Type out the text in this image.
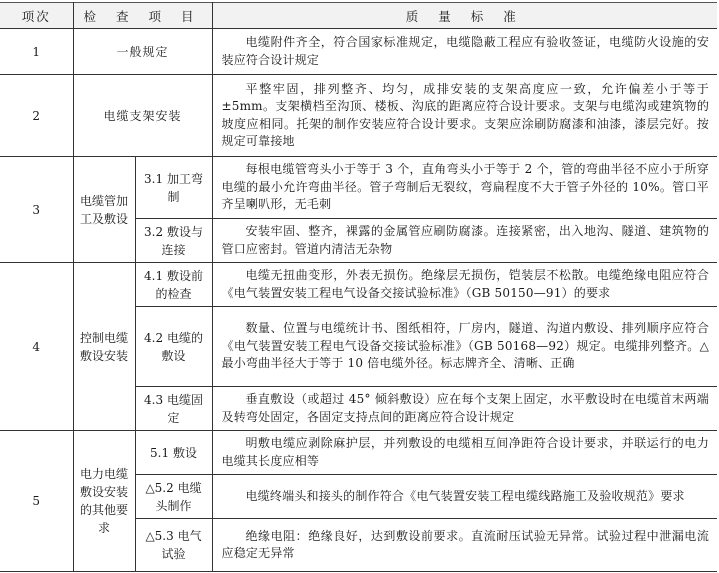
项次	检 查 项 目		质 量 标 准
1	一般规定		电缆附件齐全，符合国家标准规定，电缆隐蔽工程应有验收签证，电缆防火设施的安装应符合设计规定
2	电缆支架安装		平整牢固，排列整齐、均匀，成排安装的支架高度应一致，允许偏差小于等于±5mm。支架横档至沟顶、楼板、沟底的距离应符合设计要求。支架与电缆沟或建筑物的坡度应相同。托架的制作安装应符合设计要求。支架应涂刷防腐漆和油漆，漆层完好。按规定可靠接地
3	电缆管加工及敷设	3.1 加工弯制	每根电缆管弯头小于等于 3 个，直角弯头小于等于 2 个，管的弯曲半径不应小于所穿电缆的最小允许弯曲半径。管子弯制后无裂纹，弯扁程度不大于管子外径的 10%。管口平齐呈喇叭形，无毛刺
		3.2 敷设与连接	安装牢固、整齐，裸露的金属管应刷防腐漆。连接紧密，出入地沟、隧道、建筑物的管口应密封。管道内清洁无杂物
4	控制电缆敷设安装	4.1 敷设前的检查	电缆无扭曲变形，外表无损伤。绝缘层无损伤，铠装层不松散。电缆绝缘电阻应符合《电气装置安装工程电气设备交接试验标准》（GB 50150—91）的要求
		4.2 电缆的敷设	数量、位置与电缆统计书、图纸相符，厂房内，隧道、沟道内敷设、排列顺序应符合《电气装置安装工程电气设备交接试验标准》（GB 50168—92）规定。电缆排列整齐。△最小弯曲半径大于等于 10 倍电缆外径。标志牌齐全、清晰、正确
		4.3 电缆固定	垂直敷设（或超过 45° 倾斜敷设）应在每个支架上固定，水平敷设时在电缆首末两端及转弯处固定，各固定支持点间的距离应符合设计规定
5	电力电缆敷设安装的其他要求	5.1 敷设	明敷电缆应剥除麻护层，并列敷设的电缆相互间净距符合设计要求，并联运行的电力电缆其长度应相等
		△5.2 电缆头制作	电缆终端头和接头的制作符合《电气装置安装工程电缆线路施工及验收规范》要求
		△5.3 电气试验	绝缘电阻：绝缘良好，达到敷设前要求。直流耐压试验无异常。试验过程中泄漏电流应稳定无异常
